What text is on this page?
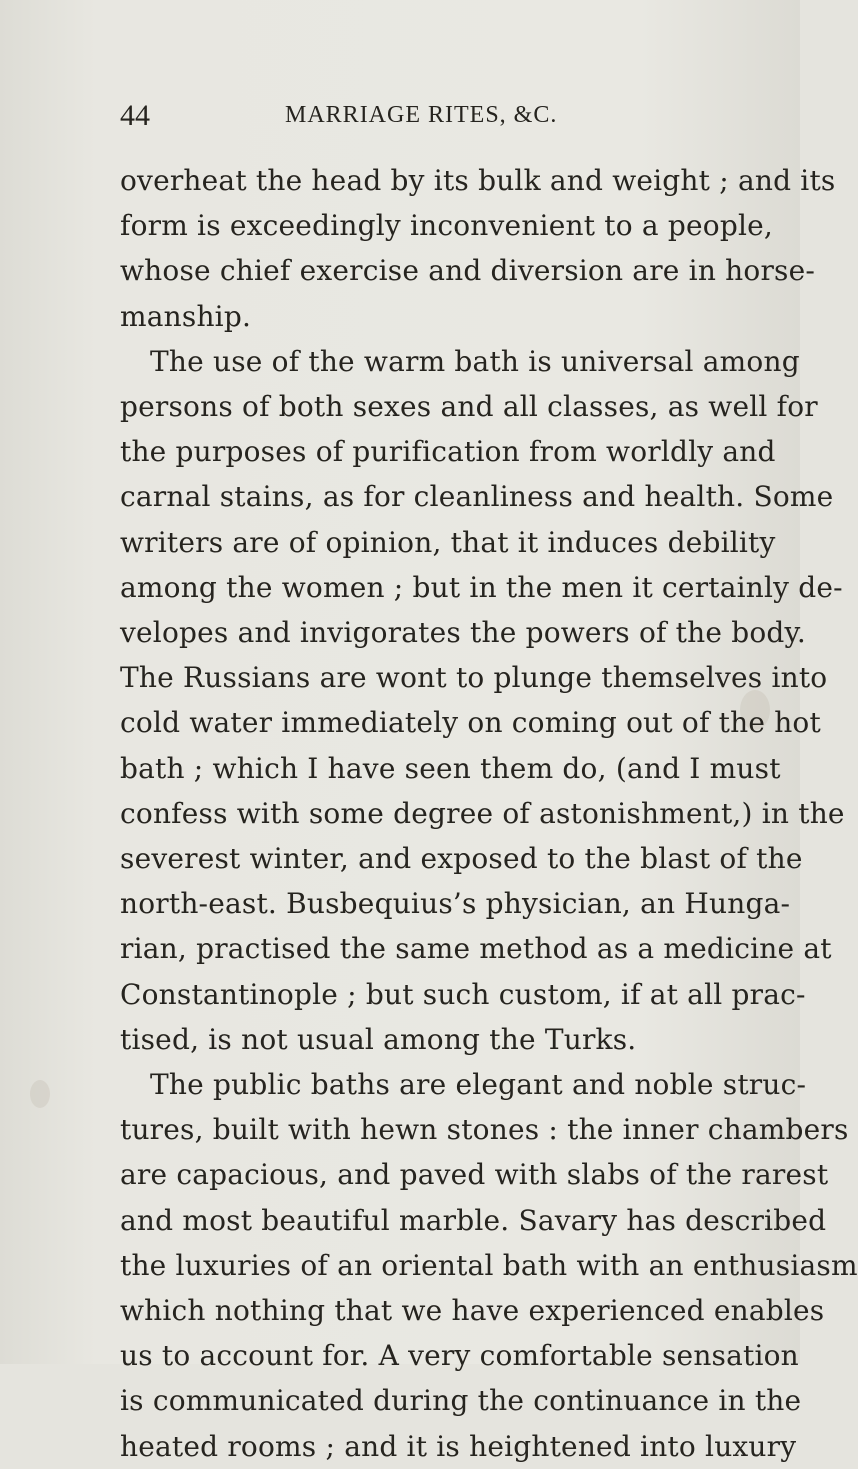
44	MARRIAGE RITES, &C.
overheat the head by its bulk and weight ; and its
form is exceedingly inconvenient to a people,
whose chief exercise and diversion are in horse-
manship.
The use of the warm bath is universal among
persons of both sexes and all classes, as well for
the purposes of purification from worldly and
carnal stains, as for cleanliness and health. Some
writers are of opinion, that it induces debility
among the women ; but in the men it certainly de-
velopes and invigorates the powers of the body.
The Russians are wont to plunge themselves into
cold water immediately on coming out of the hot
bath ; which I have seen them do, (and I must
confess with some degree of astonishment,) in the
severest winter, and exposed to the blast of the
north-east. Busbequius’s physician, an Hunga-
rian, practised the same method as a medicine at
Constantinople ; but such custom, if at all prac-
tised, is not usual among the Turks.
The public baths are elegant and noble struc-
tures, built with hewn stones : the inner chambers
are capacious, and paved with slabs of the rarest
and most beautiful marble. Savary has described
the luxuries of an oriental bath with an enthusiasm
which nothing that we have experienced enables
us to account for. A very comfortable sensation
is communicated during the continuance in the
heated rooms ; and it is heightened into luxury
